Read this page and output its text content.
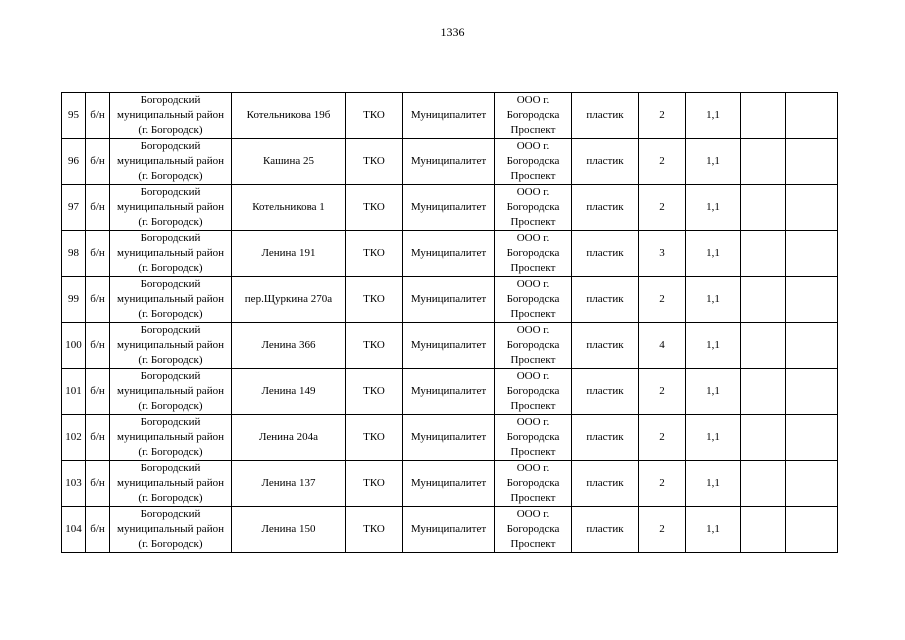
1336
95	б/н	Богородский
муниципальный район
(г. Богородск)	Котельникова 19б	ТКО	Муниципалитет	ООО г.
Богородска
Проспект	пластик	2	1,1		
96	б/н	Богородский
муниципальный район
(г. Богородск)	Кашина 25	ТКО	Муниципалитет	ООО г.
Богородска
Проспект	пластик	2	1,1		
97	б/н	Богородский
муниципальный район
(г. Богородск)	Котельникова 1	ТКО	Муниципалитет	ООО г.
Богородска
Проспект	пластик	2	1,1		
98	б/н	Богородский
муниципальный район
(г. Богородск)	Ленина 191	ТКО	Муниципалитет	ООО г.
Богородска
Проспект	пластик	3	1,1		
99	б/н	Богородский
муниципальный район
(г. Богородск)	пер.Щуркина 270а	ТКО	Муниципалитет	ООО г.
Богородска
Проспект	пластик	2	1,1		
100	б/н	Богородский
муниципальный район
(г. Богородск)	Ленина 366	ТКО	Муниципалитет	ООО г.
Богородска
Проспект	пластик	4	1,1		
101	б/н	Богородский
муниципальный район
(г. Богородск)	Ленина 149	ТКО	Муниципалитет	ООО г.
Богородска
Проспект	пластик	2	1,1		
102	б/н	Богородский
муниципальный район
(г. Богородск)	Ленина 204а	ТКО	Муниципалитет	ООО г.
Богородска
Проспект	пластик	2	1,1		
103	б/н	Богородский
муниципальный район
(г. Богородск)	Ленина 137	ТКО	Муниципалитет	ООО г.
Богородска
Проспект	пластик	2	1,1		
104	б/н	Богородский
муниципальный район
(г. Богородск)	Ленина 150	ТКО	Муниципалитет	ООО г.
Богородска
Проспект	пластик	2	1,1		
